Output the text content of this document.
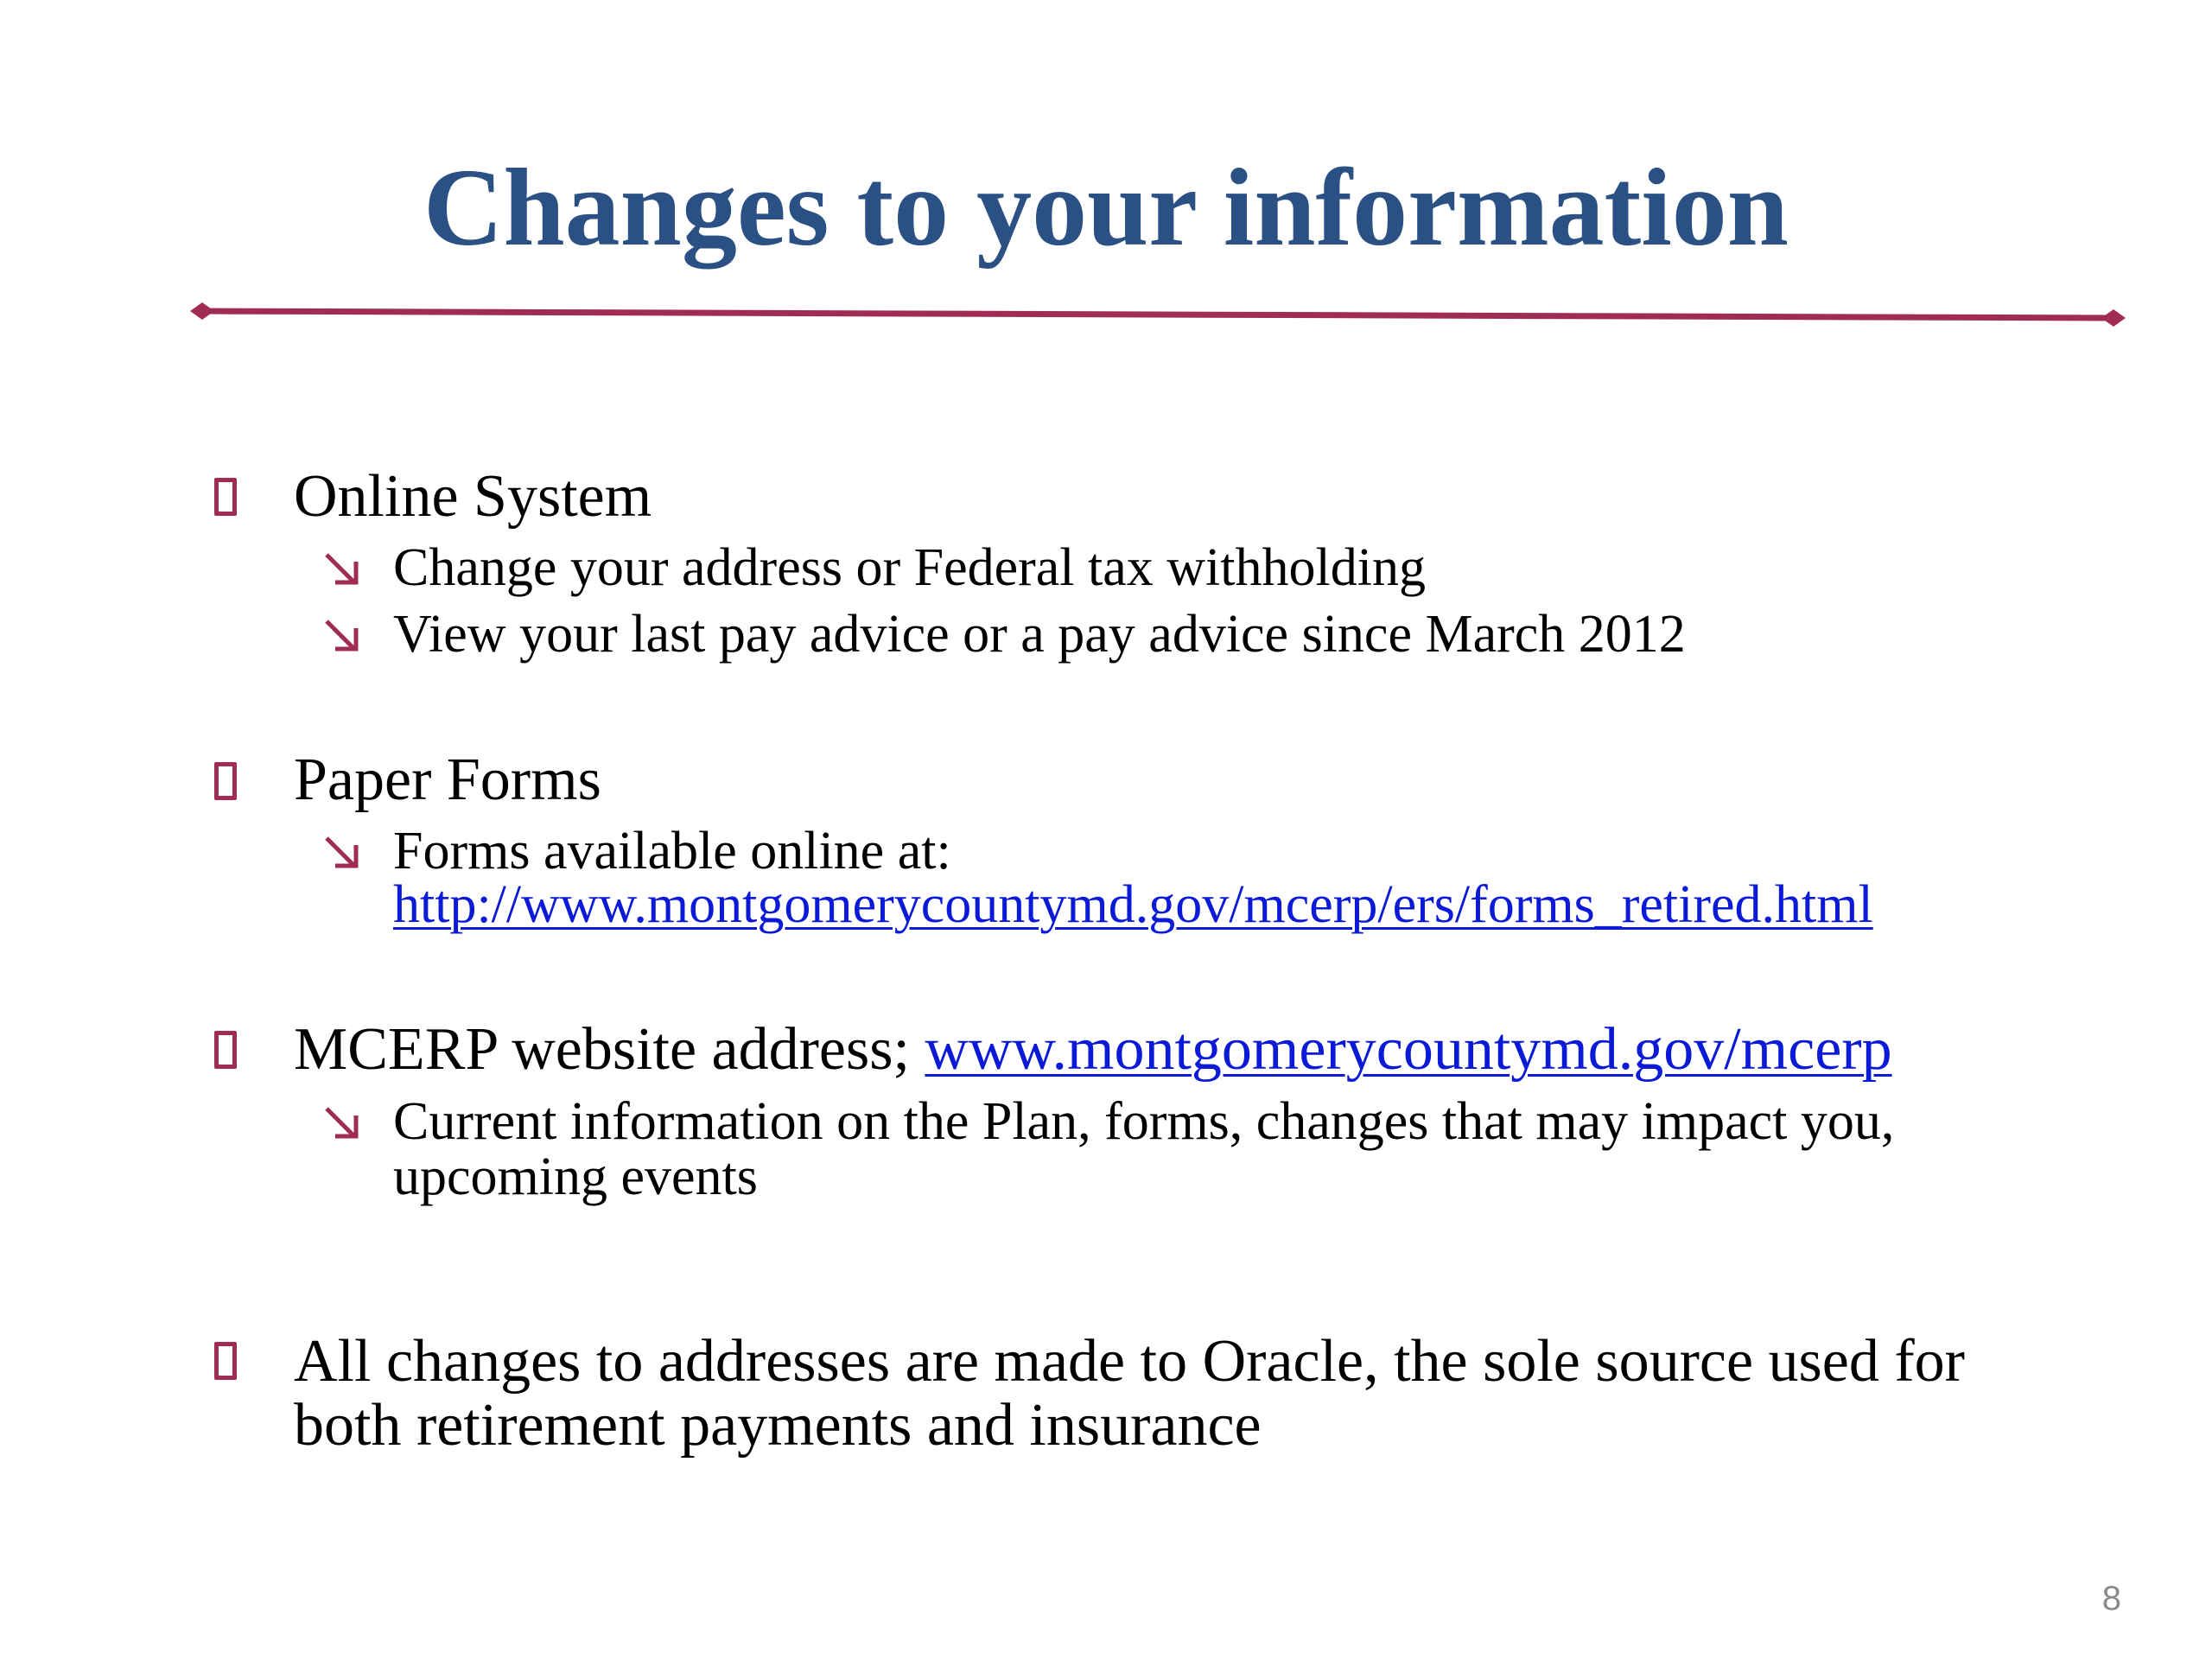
Changes to your information
Online System
Change your address or Federal tax withholding
View your last pay advice or a pay advice since March 2012
Paper Forms
Forms available online at:
http://www.montgomerycountymd.gov/mcerp/ers/forms_retired.html
MCERP website address; www.montgomerycountymd.gov/mcerp
Current information on the Plan, forms, changes that may impact you, upcoming events
All changes to addresses are made to Oracle, the sole source used for both retirement payments and insurance
8
